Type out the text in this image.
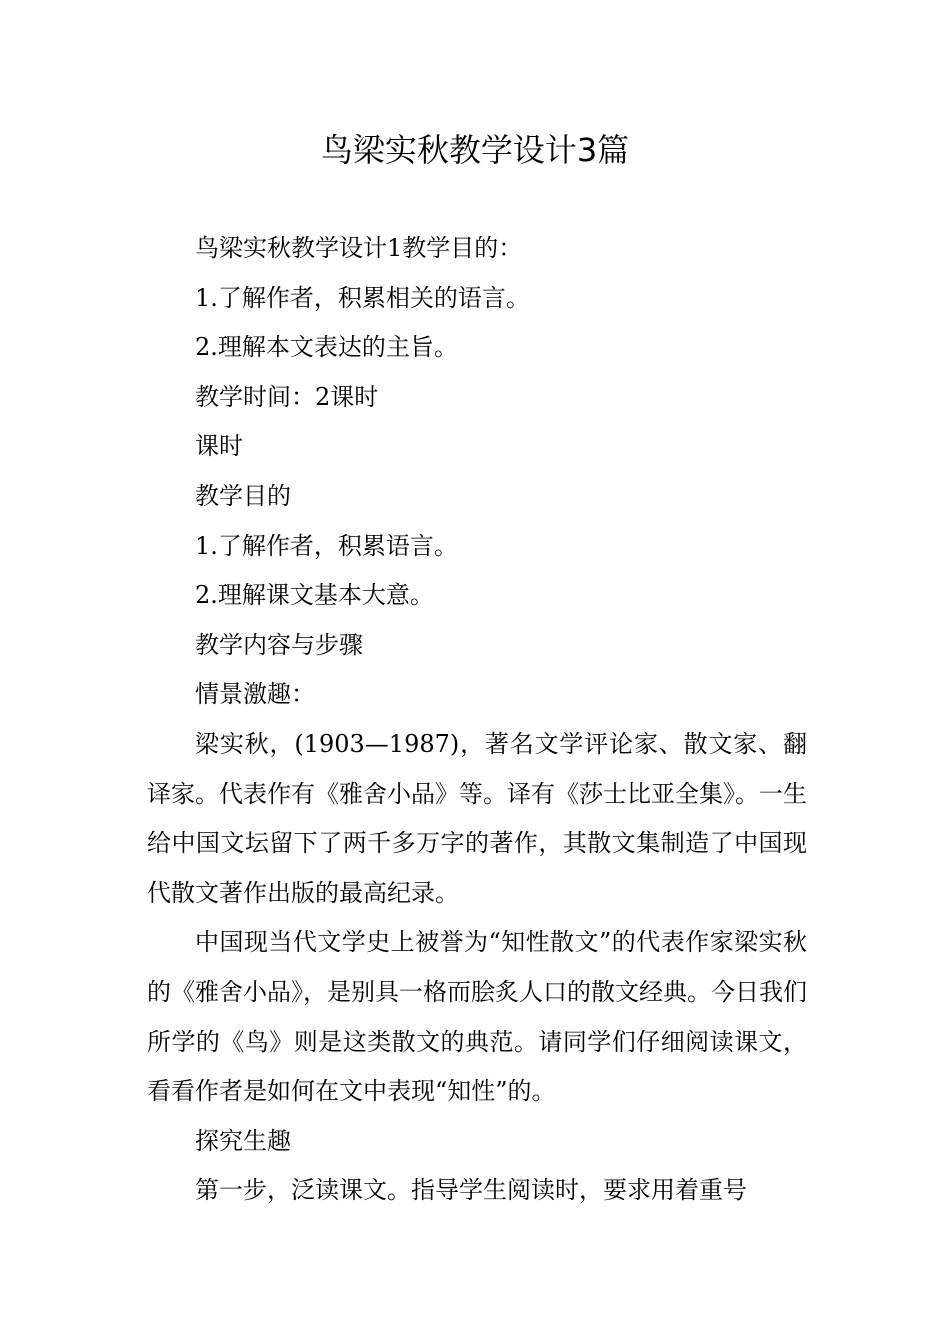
鸟梁实秋教学设计3篇

鸟梁实秋教学设计1教学目的：

1.了解作者，积累相关的语言。

2.理解本文表达的主旨。

教学时间：2课时

课时

教学目的

1.了解作者，积累语言。

2.理解课文基本大意。

教学内容与步骤

情景激趣：

梁实秋，(1903—1987)，著名文学评论家、散文家、翻译家。代表作有《雅舍小品》等。译有《莎士比亚全集》。一生给中国文坛留下了两千多万字的著作，其散文集制造了中国现代散文著作出版的最高纪录。

中国现当代文学史上被誉为“知性散文”的代表作家梁实秋的《雅舍小品》，是别具一格而脍炙人口的散文经典。今日我们所学的《鸟》则是这类散文的典范。请同学们仔细阅读课文，看看作者是如何在文中表现“知性”的。

探究生趣

第一步，泛读课文。指导学生阅读时，要求用着重号
